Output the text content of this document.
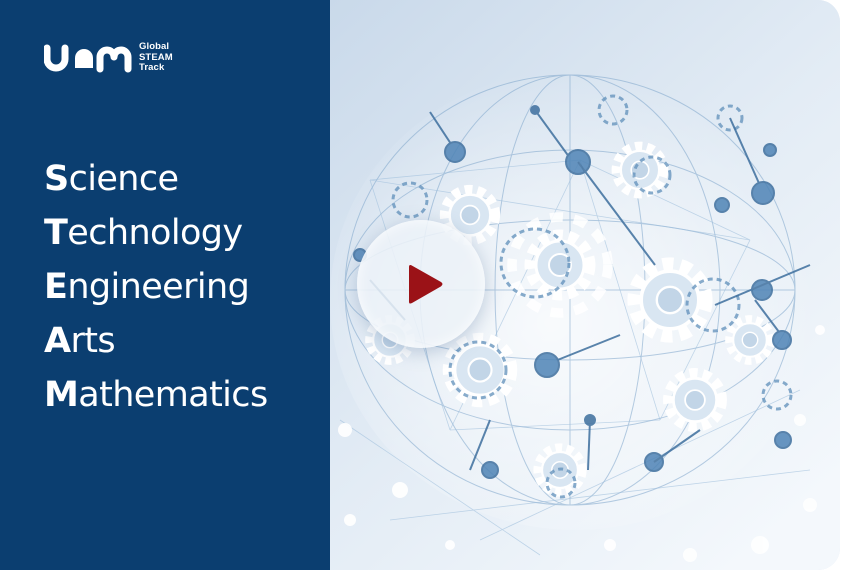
Global
STEAM
Track
Science
Technology
Engineering
Arts
Mathematics
